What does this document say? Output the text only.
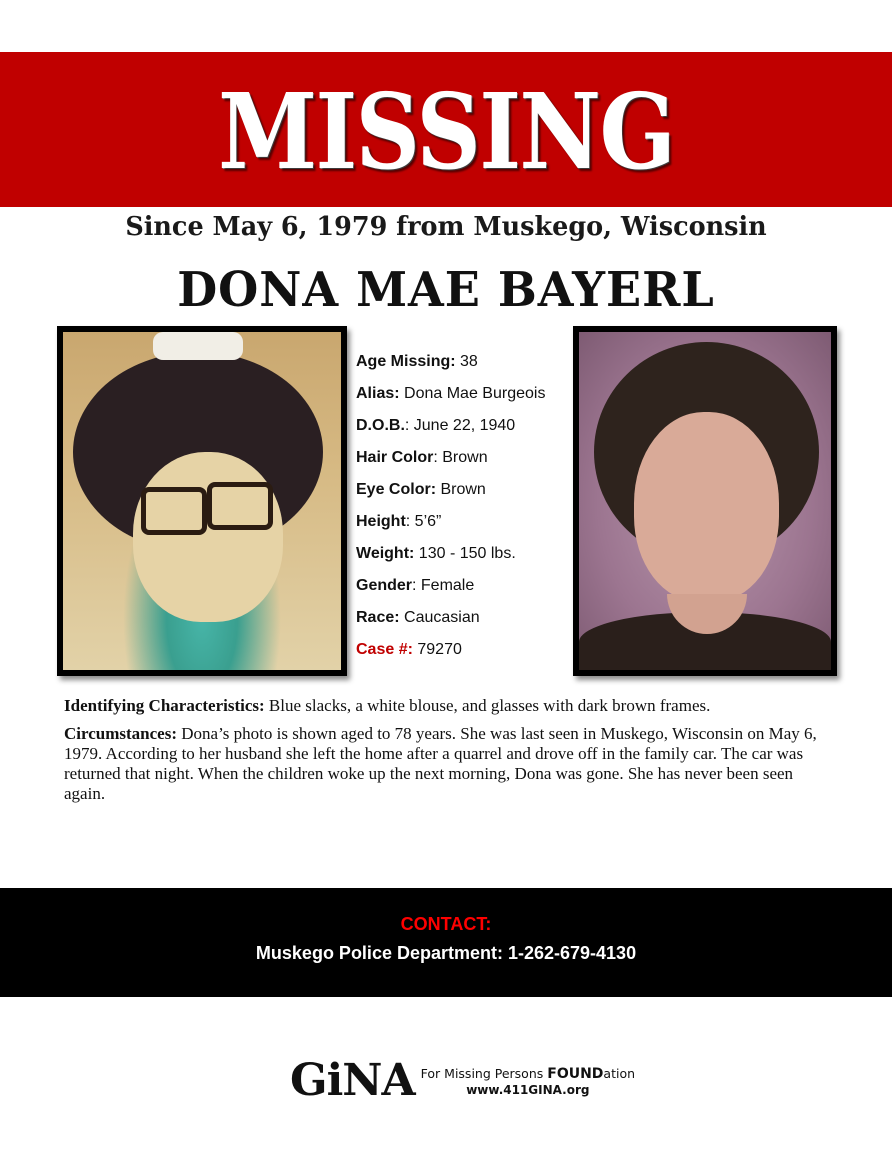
MISSING
Since May 6, 1979 from Muskego, Wisconsin
DONA MAE BAYERL
Age Missing: 38
Alias: Dona Mae Burgeois
D.O.B.: June 22, 1940
Hair Color: Brown
Eye Color: Brown
Height: 5’6”
Weight: 130 - 150 lbs.
Gender: Female
Race: Caucasian
Case #: 79270

Identifying Characteristics: Blue slacks, a white blouse, and glasses with dark brown frames.

Circumstances: Dona’s photo is shown aged to 78 years. She was last seen in Muskego, Wisconsin on May 6, 1979. According to her husband she left the home after a quarrel and drove off in the family car. The car was returned that night. When the children woke up the next morning, Dona was gone. She has never been seen again.

CONTACT:
Muskego Police Department: 1-262-679-4130
GiNA For Missing Persons FOUNDation
www.411GINA.org
